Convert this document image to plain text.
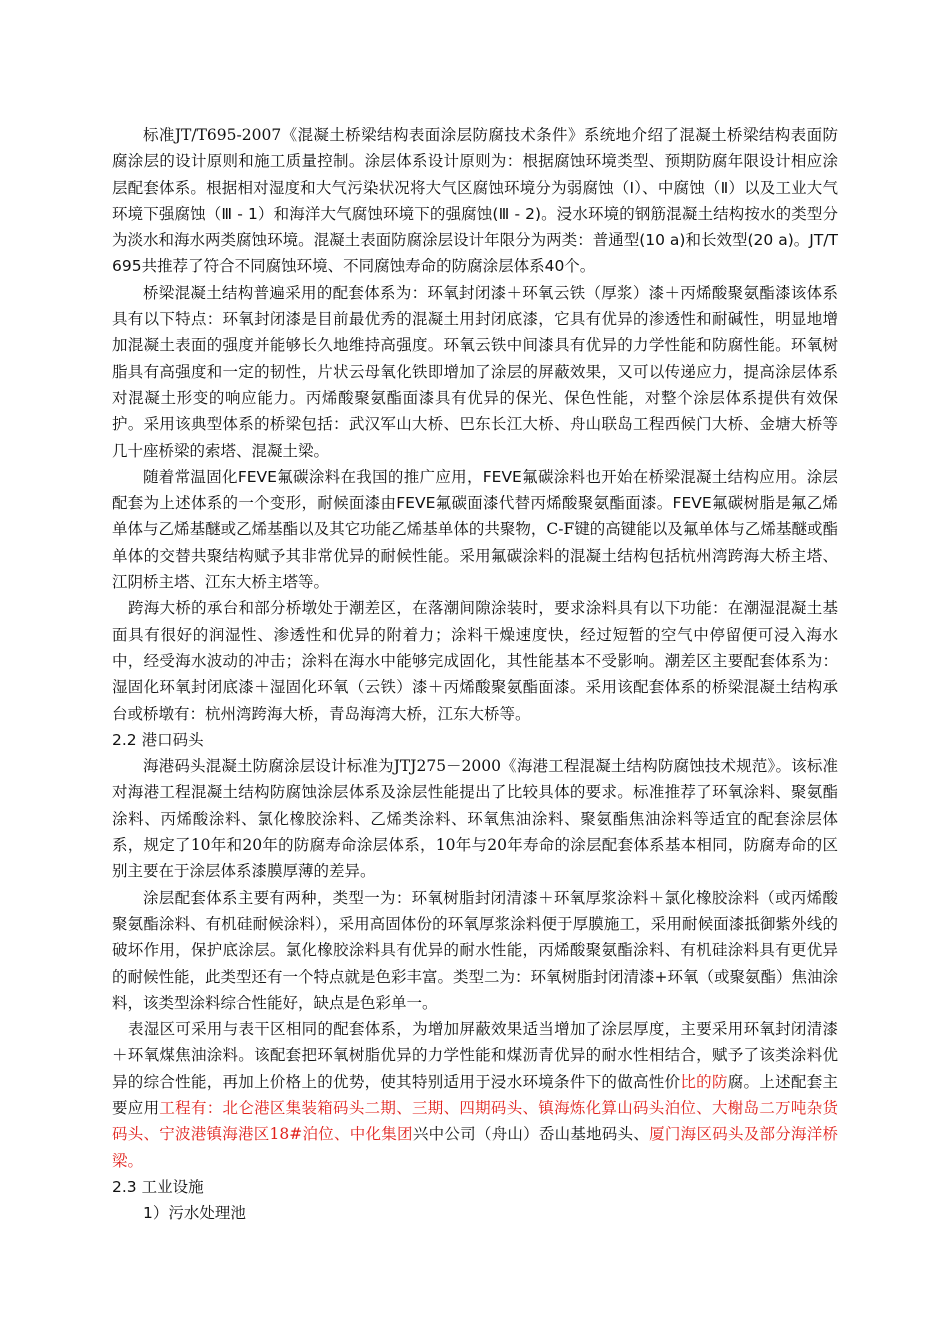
标准JT/T695-2007《混凝土桥梁结构表面涂层防腐技术条件》系统地介绍了混凝土桥梁结构表面防腐涂层的设计原则和施工质量控制。涂层体系设计原则为：根据腐蚀环境类型、预期防腐年限设计相应涂层配套体系。根据相对湿度和大气污染状况将大气区腐蚀环境分为弱腐蚀（Ⅰ）、中腐蚀（Ⅱ）以及工业大气环境下强腐蚀（Ⅲ - 1）和海洋大气腐蚀环境下的强腐蚀(Ⅲ - 2)。浸水环境的钢筋混凝土结构按水的类型分为淡水和海水两类腐蚀环境。混凝土表面防腐涂层设计年限分为两类：普通型(10 a)和长效型(20 a)。JT/T 695共推荐了符合不同腐蚀环境、不同腐蚀寿命的防腐涂层体系40个。

桥梁混凝土结构普遍采用的配套体系为：环氧封闭漆＋环氧云铁（厚浆）漆＋丙烯酸聚氨酯漆该体系具有以下特点：环氧封闭漆是目前最优秀的混凝土用封闭底漆，它具有优异的渗透性和耐碱性，明显地增加混凝土表面的强度并能够长久地维持高强度。环氧云铁中间漆具有优异的力学性能和防腐性能。环氧树脂具有高强度和一定的韧性，片状云母氧化铁即增加了涂层的屏蔽效果，又可以传递应力，提高涂层体系对混凝土形变的响应能力。丙烯酸聚氨酯面漆具有优异的保光、保色性能，对整个涂层体系提供有效保护。采用该典型体系的桥梁包括：武汉军山大桥、巴东长江大桥、舟山联岛工程西候门大桥、金塘大桥等几十座桥梁的索塔、混凝土梁。

随着常温固化FEVE氟碳涂料在我国的推广应用，FEVE氟碳涂料也开始在桥梁混凝土结构应用。涂层配套为上述体系的一个变形，耐候面漆由FEVE氟碳面漆代替丙烯酸聚氨酯面漆。FEVE氟碳树脂是氟乙烯单体与乙烯基醚或乙烯基酯以及其它功能乙烯基单体的共聚物，C-F键的高键能以及氟单体与乙烯基醚或酯单体的交替共聚结构赋予其非常优异的耐候性能。采用氟碳涂料的混凝土结构包括杭州湾跨海大桥主塔、江阴桥主塔、江东大桥主塔等。

跨海大桥的承台和部分桥墩处于潮差区，在落潮间隙涂装时，要求涂料具有以下功能：在潮湿混凝土基面具有很好的润湿性、渗透性和优异的附着力；涂料干燥速度快，经过短暂的空气中停留便可浸入海水中，经受海水波动的冲击；涂料在海水中能够完成固化，其性能基本不受影响。潮差区主要配套体系为：湿固化环氧封闭底漆＋湿固化环氧（云铁）漆＋丙烯酸聚氨酯面漆。采用该配套体系的桥梁混凝土结构承台或桥墩有：杭州湾跨海大桥，青岛海湾大桥，江东大桥等。

2.2 港口码头

海港码头混凝土防腐涂层设计标准为JTJ275－2000《海港工程混凝土结构防腐蚀技术规范》。该标准对海港工程混凝土结构防腐蚀涂层体系及涂层性能提出了比较具体的要求。标准推荐了环氧涂料、聚氨酯涂料、丙烯酸涂料、氯化橡胶涂料、乙烯类涂料、环氧焦油涂料、聚氨酯焦油涂料等适宜的配套涂层体系，规定了10年和20年的防腐寿命涂层体系，10年与20年寿命的涂层配套体系基本相同，防腐寿命的区别主要在于涂层体系漆膜厚薄的差异。

涂层配套体系主要有两种，类型一为：环氧树脂封闭清漆＋环氧厚浆涂料＋氯化橡胶涂料（或丙烯酸聚氨酯涂料、有机硅耐候涂料），采用高固体份的环氧厚浆涂料便于厚膜施工，采用耐候面漆抵御紫外线的破坏作用，保护底涂层。氯化橡胶涂料具有优异的耐水性能，丙烯酸聚氨酯涂料、有机硅涂料具有更优异的耐候性能，此类型还有一个特点就是色彩丰富。类型二为：环氧树脂封闭清漆+环氧（或聚氨酯）焦油涂料，该类型涂料综合性能好，缺点是色彩单一。

表湿区可采用与表干区相同的配套体系，为增加屏蔽效果适当增加了涂层厚度，主要采用环氧封闭清漆＋环氧煤焦油涂料。该配套把环氧树脂优异的力学性能和煤沥青优异的耐水性相结合，赋予了该类涂料优异的综合性能，再加上价格上的优势，使其特别适用于浸水环境条件下的做高性价比的防腐。上述配套主要应用工程有：北仑港区集装箱码头二期、三期、四期码头、镇海炼化算山码头泊位、大榭岛二万吨杂货码头、宁波港镇海港区18#泊位、中化集团兴中公司（舟山）岙山基地码头、厦门海区码头及部分海洋桥梁。

2.3 工业设施

1）污水处理池
